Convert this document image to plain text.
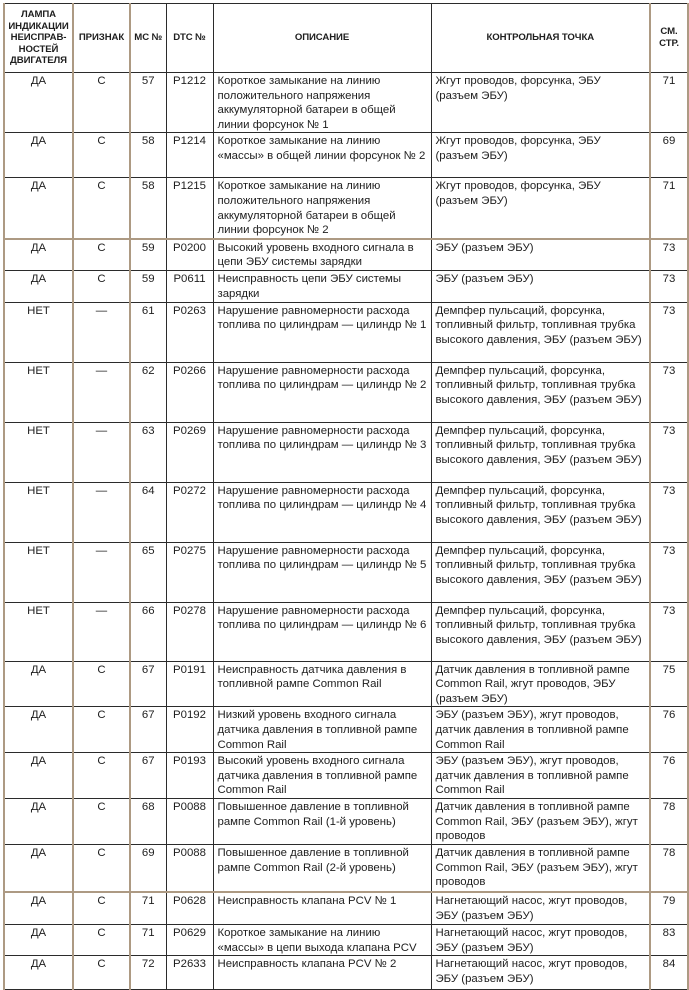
ЛАМПА ИНДИКАЦИИ НЕИСПРАВ- НОСТЕЙ ДВИГАТЕЛЯ	ПРИЗНАК	МС №	DTC №	ОПИСАНИЕ	КОНТРОЛЬНАЯ ТОЧКА	СМ. СТР.
ДА	С	57	P1212	Короткое замыкание на линию положительного напряжения аккумуляторной батареи в общей линии форсунок № 1	Жгут проводов, форсунка, ЭБУ (разъем ЭБУ)	71
ДА	С	58	P1214	Короткое замыкание на линию «массы» в общей линии форсунок № 2	Жгут проводов, форсунка, ЭБУ (разъем ЭБУ)	69
ДА	С	58	P1215	Короткое замыкание на линию положительного напряжения аккумуляторной батареи в общей линии форсунок № 2	Жгут проводов, форсунка, ЭБУ (разъем ЭБУ)	71
ДА	С	59	P0200	Высокий уровень входного сигнала в цепи ЭБУ системы зарядки	ЭБУ (разъем ЭБУ)	73
ДА	С	59	P0611	Неисправность цепи ЭБУ системы зарядки	ЭБУ (разъем ЭБУ)	73
НЕТ	—	61	P0263	Нарушение равномерности расхода топлива по цилиндрам — цилиндр № 1	Демпфер пульсаций, форсунка, топливный фильтр, топливная трубка высокого давления, ЭБУ (разъем ЭБУ)	73
НЕТ	—	62	P0266	Нарушение равномерности расхода топлива по цилиндрам — цилиндр № 2	Демпфер пульсаций, форсунка, топливный фильтр, топливная трубка высокого давления, ЭБУ (разъем ЭБУ)	73
НЕТ	—	63	P0269	Нарушение равномерности расхода топлива по цилиндрам — цилиндр № 3	Демпфер пульсаций, форсунка, топливный фильтр, топливная трубка высокого давления, ЭБУ (разъем ЭБУ)	73
НЕТ	—	64	P0272	Нарушение равномерности расхода топлива по цилиндрам — цилиндр № 4	Демпфер пульсаций, форсунка, топливный фильтр, топливная трубка высокого давления, ЭБУ (разъем ЭБУ)	73
НЕТ	—	65	P0275	Нарушение равномерности расхода топлива по цилиндрам — цилиндр № 5	Демпфер пульсаций, форсунка, топливный фильтр, топливная трубка высокого давления, ЭБУ (разъем ЭБУ)	73
НЕТ	—	66	P0278	Нарушение равномерности расхода топлива по цилиндрам — цилиндр № 6	Демпфер пульсаций, форсунка, топливный фильтр, топливная трубка высокого давления, ЭБУ (разъем ЭБУ)	73
ДА	С	67	P0191	Неисправность датчика давления в топливной рампе Common Rail	Датчик давления в топливной рампе Common Rail, жгут проводов, ЭБУ (разъем ЭБУ)	75
ДА	С	67	P0192	Низкий уровень входного сигнала датчика давления в топливной рампе Common Rail	ЭБУ (разъем ЭБУ), жгут проводов, датчик давления в топливной рампе Common Rail	76
ДА	С	67	P0193	Высокий уровень входного сигнала датчика давления в топливной рампе Common Rail	ЭБУ (разъем ЭБУ), жгут проводов, датчик давления в топливной рампе Common Rail	76
ДА	С	68	P0088	Повышенное давление в топливной рампе Common Rail (1-й уровень)	Датчик давления в топливной рампе Common Rail, ЭБУ (разъем ЭБУ), жгут проводов	78
ДА	С	69	P0088	Повышенное давление в топливной рампе Common Rail (2-й уровень)	Датчик давления в топливной рампе Common Rail, ЭБУ (разъем ЭБУ), жгут проводов	78
ДА	С	71	P0628	Неисправность клапана PCV № 1	Нагнетающий насос, жгут проводов, ЭБУ (разъем ЭБУ)	79
ДА	С	71	P0629	Короткое замыкание на линию «массы» в цепи выхода клапана PCV	Нагнетающий насос, жгут проводов, ЭБУ (разъем ЭБУ)	83
ДА	С	72	P2633	Неисправность клапана PCV № 2	Нагнетающий насос, жгут проводов, ЭБУ (разъем ЭБУ)	84
